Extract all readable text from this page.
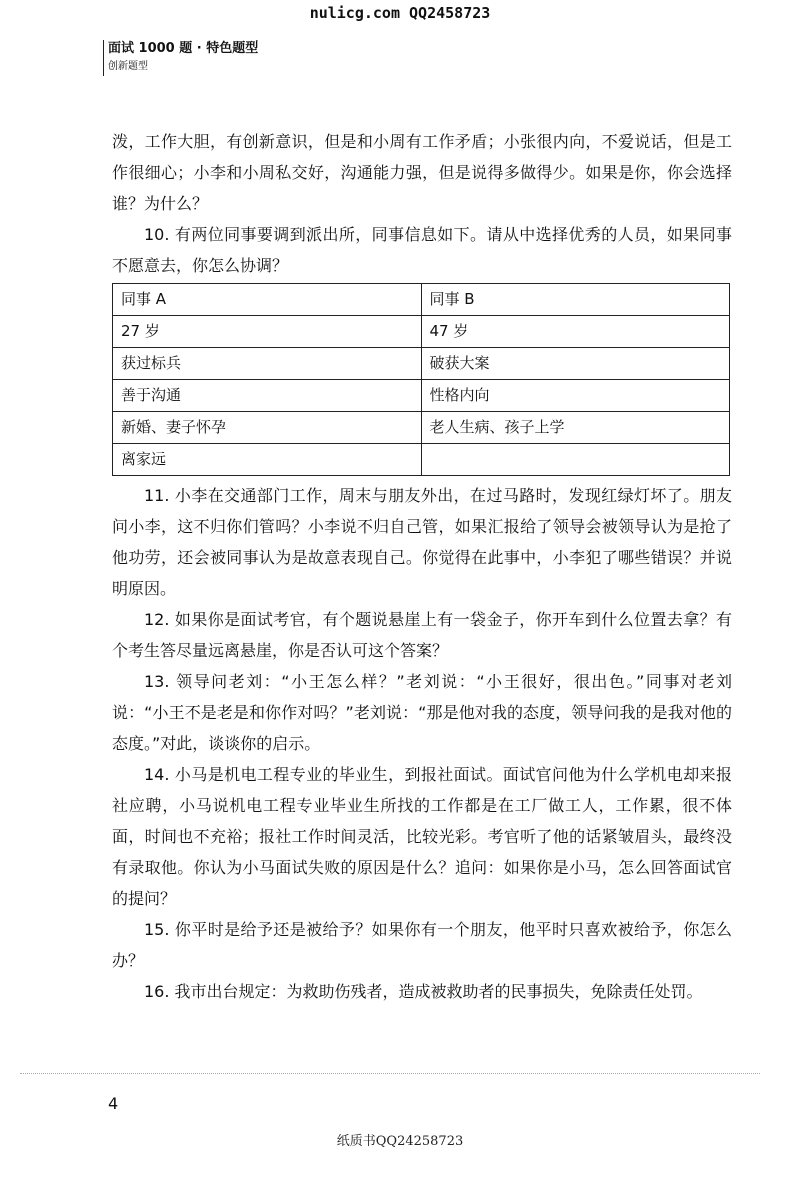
nulicg.com QQ2458723
面试 1000 题 · 特色题型
创新题型

泼，工作大胆，有创新意识，但是和小周有工作矛盾；小张很内向，不爱说话，但是工作很细心；小李和小周私交好，沟通能力强，但是说得多做得少。如果是你，你会选择谁？为什么？

10. 有两位同事要调到派出所，同事信息如下。请从中选择优秀的人员，如果同事不愿意去，你怎么协调？

同事 A	同事 B
27 岁	47 岁
获过标兵	破获大案
善于沟通	性格内向
新婚、妻子怀孕	老人生病、孩子上学
离家远	

11. 小李在交通部门工作，周末与朋友外出，在过马路时，发现红绿灯坏了。朋友问小李，这不归你们管吗？小李说不归自己管，如果汇报给了领导会被领导认为是抢了他功劳，还会被同事认为是故意表现自己。你觉得在此事中，小李犯了哪些错误？并说明原因。

12. 如果你是面试考官，有个题说悬崖上有一袋金子，你开车到什么位置去拿？有个考生答尽量远离悬崖，你是否认可这个答案？

13. 领导问老刘：“小王怎么样？”老刘说：“小王很好，很出色。”同事对老刘说：“小王不是老是和你作对吗？”老刘说：“那是他对我的态度，领导问我的是我对他的态度。”对此，谈谈你的启示。

14. 小马是机电工程专业的毕业生，到报社面试。面试官问他为什么学机电却来报社应聘，小马说机电工程专业毕业生所找的工作都是在工厂做工人，工作累，很不体面，时间也不充裕；报社工作时间灵活，比较光彩。考官听了他的话紧皱眉头，最终没有录取他。你认为小马面试失败的原因是什么？追问：如果你是小马，怎么回答面试官的提问？

15. 你平时是给予还是被给予？如果你有一个朋友，他平时只喜欢被给予，你怎么办？

16. 我市出台规定：为救助伤残者，造成被救助者的民事损失，免除责任处罚。

4
纸质书QQ24258723
